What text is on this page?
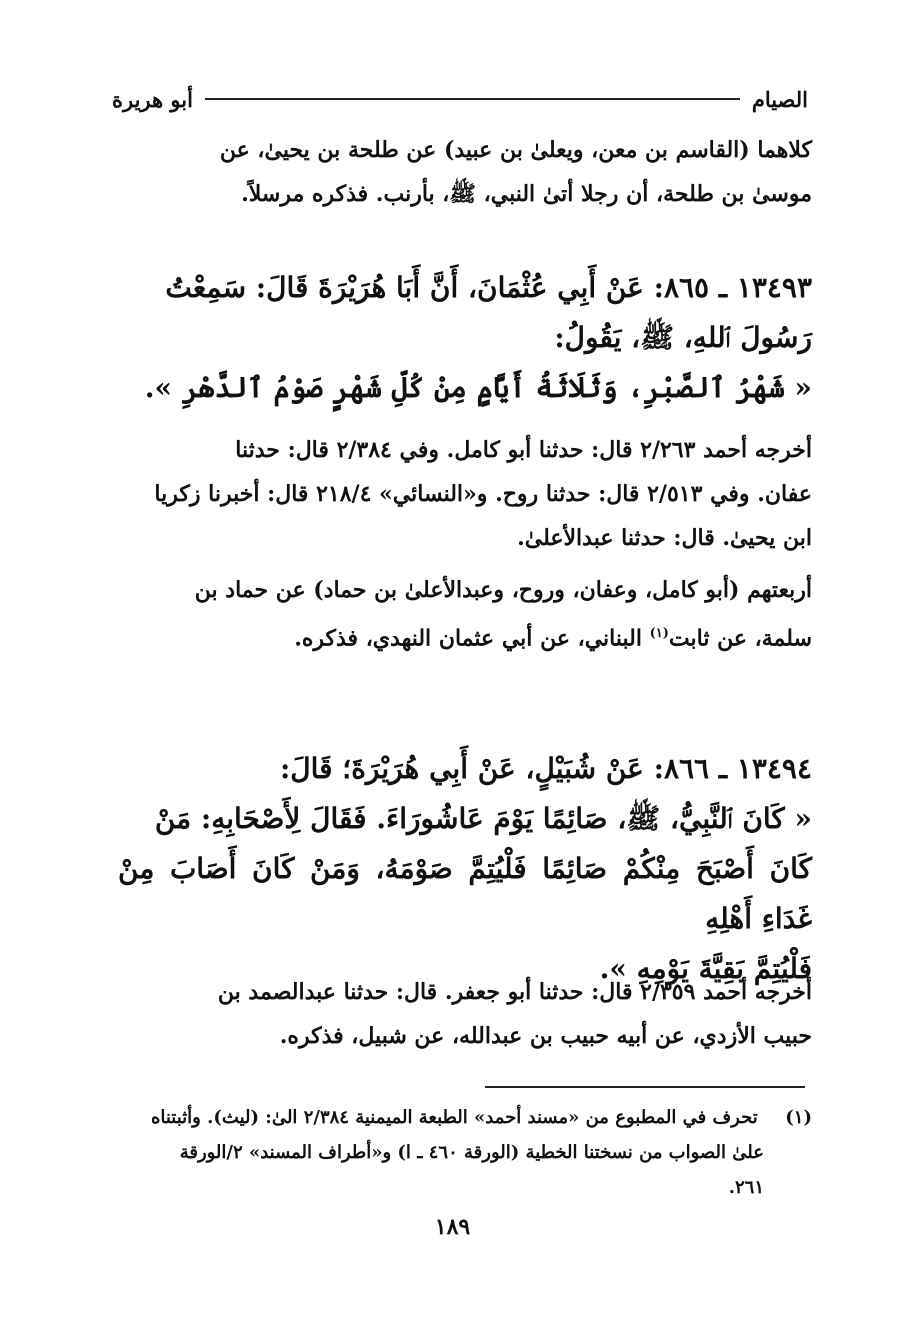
الصيام
أبو هريرة
كلاهما (القاسم بن معن، ويعلىٰ بن عبيد) عن طلحة بن يحيىٰ، عن
موسىٰ بن طلحة، أن رجلا أتىٰ النبي، ﷺ، بأرنب. فذكره مرسلاً.
١٣٤٩٣ ـ ٨٦٥: عَنْ أَبِي عُثْمَانَ، أَنَّ أَبَا هُرَيْرَةَ قَالَ: سَمِعْتُ
رَسُولَ ٱللهِ، ﷺ، يَقُولُ:
« شَهْرُ ٱلصَّبْرِ، وَثَلَاثَةُ أَيَّامٍ مِنْ كُلِّ شَهْرٍ صَوْمُ ٱلدَّهْرِ ».
أخرجه أحمد ٢/٢٦٣ قال: حدثنا أبو كامل. وفي ٢/٣٨٤ قال: حدثنا
عفان. وفي ٢/٥١٣ قال: حدثنا روح. و«النسائي» ٢١٨/٤ قال: أخبرنا زكريا
ابن يحيىٰ. قال: حدثنا عبدالأعلىٰ.
أربعتهم (أبو كامل، وعفان، وروح، وعبدالأعلىٰ بن حماد) عن حماد بن
سلمة، عن ثابت$^{(١)}$ البناني، عن أبي عثمان النهدي، فذكره.
١٣٤٩٤ ـ ٨٦٦: عَنْ شُبَيْلٍ، عَنْ أَبِي هُرَيْرَةَ؛ قَالَ:
« كَانَ ٱلنَّبِيُّ، ﷺ، صَائِمًا يَوْمَ عَاشُورَاءَ. فَقَالَ لِأَصْحَابِهِ: مَنْ
كَانَ أَصْبَحَ مِنْكُمْ صَائِمًا فَلْيُتِمَّ صَوْمَهُ، وَمَنْ كَانَ أَصَابَ مِنْ غَدَاءِ أَهْلِهِ
فَلْيُتِمَّ بَقِيَّةَ يَوْمِهِ ».
أخرجه أحمد ٢/٣٥٩ قال: حدثنا أبو جعفر. قال: حدثنا عبدالصمد بن
حبيب الأزدي، عن أبيه حبيب بن عبدالله، عن شبيل، فذكره.
(١) تحرف في المطبوع من «مسند أحمد» الطبعة الميمنية ٢/٣٨٤ الىٰ: (ليث). وأثبتناه
علىٰ الصواب من نسختنا الخطية (الورقة ٤٦٠ ـ ا) و«أطراف المسند» ٢/الورقة
٢٦١.
١٨٩
